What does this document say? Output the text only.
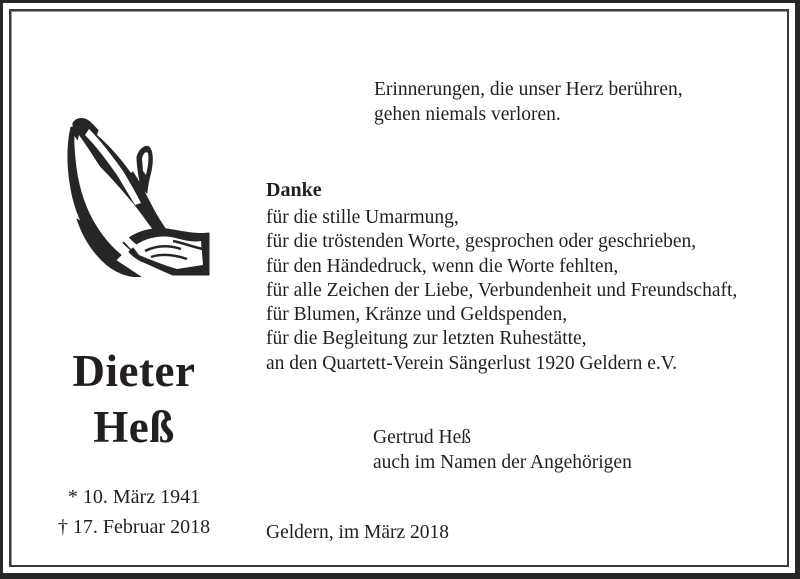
Erinnerungen, die unser Herz berühren,
gehen niemals verloren.
Dieter
Heß
* 10. März 1941
† 17. Februar 2018
Danke
für die stille Umarmung,
für die tröstenden Worte, gesprochen oder geschrieben,
für den Händedruck, wenn die Worte fehlten,
für alle Zeichen der Liebe, Verbundenheit und Freundschaft,
für Blumen, Kränze und Geldspenden,
für die Begleitung zur letzten Ruhestätte,
an den Quartett-Verein Sängerlust 1920 Geldern e.V.
Gertrud Heß
auch im Namen der Angehörigen
Geldern, im März 2018
